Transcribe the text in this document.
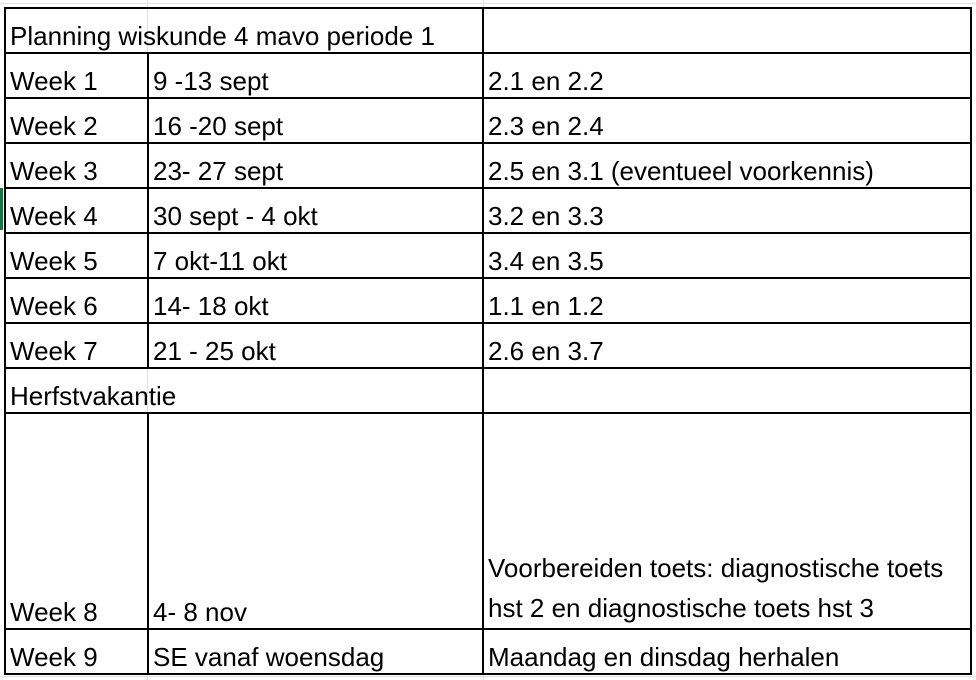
Planning wiskunde 4 mavo periode 1		
Week 1	9 -13 sept	2.1 en 2.2
Week 2	16 -20 sept	2.3 en 2.4
Week 3	23- 27 sept	2.5 en 3.1 (eventueel voorkennis)
Week 4	30 sept - 4 okt	3.2 en 3.3
Week 5	7 okt-11 okt	3.4 en 3.5
Week 6	14- 18 okt	1.1 en 1.2
Week 7	21 - 25 okt	2.6 en 3.7
Herfstvakantie		
Week 8	4- 8 nov	Voorbereiden toets: diagnostische toets hst 2 en diagnostische toets hst 3
Week 9	SE vanaf woensdag	Maandag en dinsdag herhalen
